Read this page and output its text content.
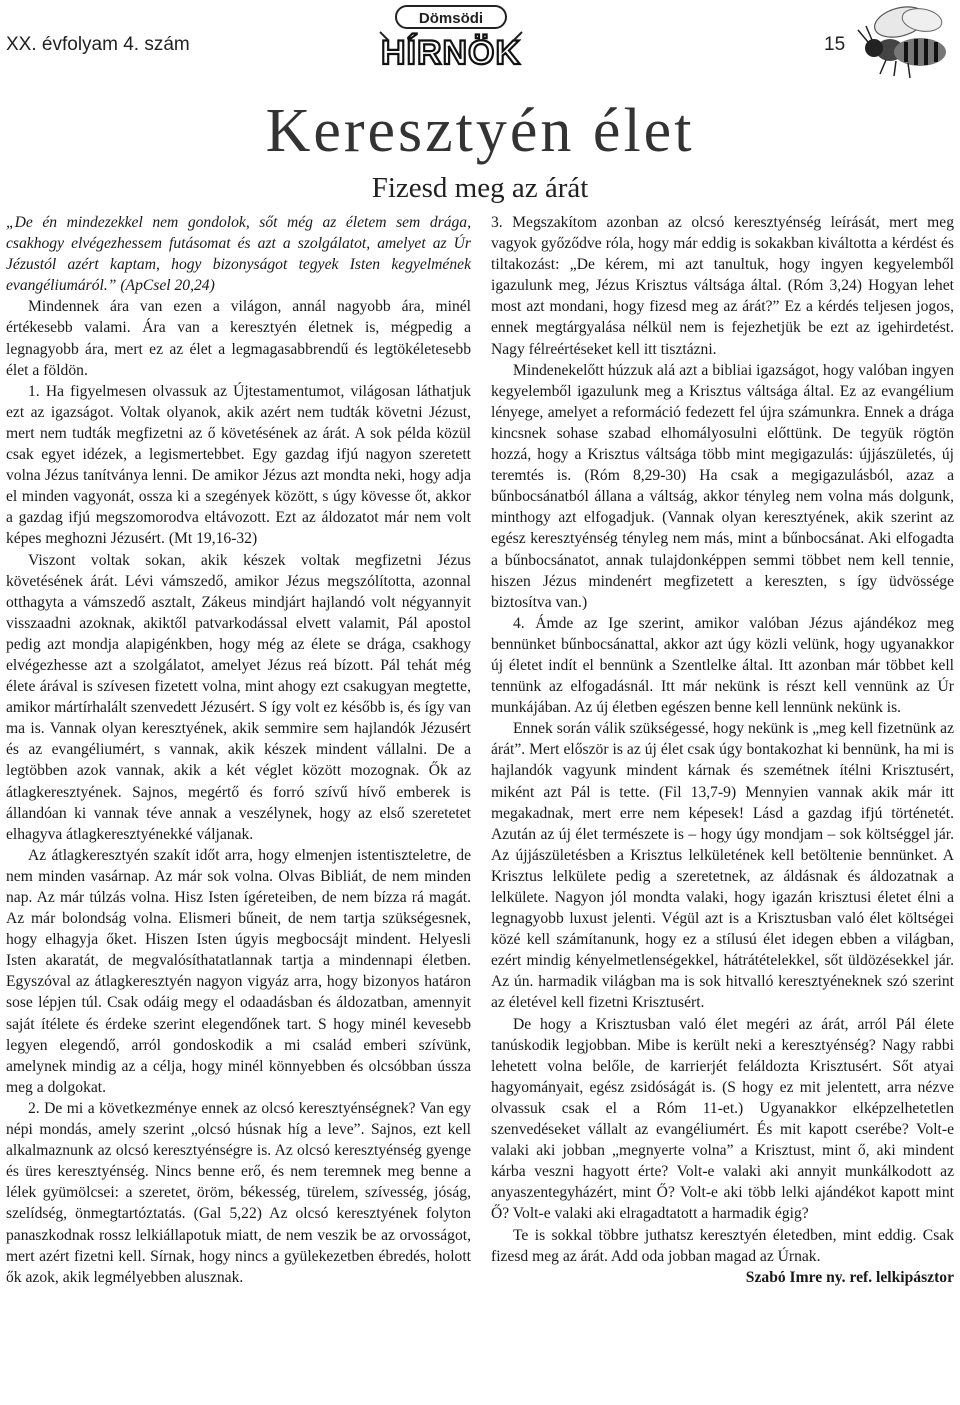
XX. évfolyam 4. szám
Dömsödi
HÍRNÖK	15
Keresztyén élet
Fizesd meg az árát

„De én mindezekkel nem gondolok, sőt még az életem sem drága, csakhogy elvégezhessem futásomat és azt a szolgálatot, amelyet az Úr Jézustól azért kaptam, hogy bizonyságot tegyek Isten kegyelmének evangéliumáról.” (ApCsel 20,24)

Mindennek ára van ezen a világon, annál nagyobb ára, minél értékesebb valami. Ára van a keresztyén életnek is, mégpedig a legnagyobb ára, mert ez az élet a legmagasabbrendű és legtökéletesebb élet a földön.

1. Ha figyelmesen olvassuk az Újtestamentumot, világosan láthatjuk ezt az igazságot. Voltak olyanok, akik azért nem tudták követni Jézust, mert nem tudták megfizetni az ő követésének az árát. A sok példa közül csak egyet idézek, a legismertebbet. Egy gazdag ifjú nagyon szeretett volna Jézus tanítványa lenni. De amikor Jézus azt mondta neki, hogy adja el minden vagyonát, ossza ki a szegények között, s úgy kövesse őt, akkor a gazdag ifjú megszomorodva eltávozott. Ezt az áldozatot már nem volt képes meghozni Jézusért. (Mt 19,16-32)

Viszont voltak sokan, akik készek voltak megfizetni Jézus követésének árát. Lévi vámszedő, amikor Jézus megszólította, azonnal otthagyta a vámszedő asztalt, Zákeus mindjárt hajlandó volt négyannyit visszaadni azoknak, akiktől patvarkodással elvett valamit, Pál apostol pedig azt mondja alapigénkben, hogy még az élete se drága, csakhogy elvégezhesse azt a szolgálatot, amelyet Jézus reá bízott. Pál tehát még élete árával is szívesen fizetett volna, mint ahogy ezt csakugyan megtette, amikor mártírhalált szenvedett Jézusért. S így volt ez később is, és így van ma is. Vannak olyan keresztyének, akik semmire sem hajlandók Jézusért és az evangéliumért, s vannak, akik készek mindent vállalni. De a legtöbben azok vannak, akik a két véglet között mozognak. Ők az átlagkeresztyének. Sajnos, megértő és forró szívű hívő emberek is állandóan ki vannak téve annak a veszélynek, hogy az első szeretetet elhagyva átlagkeresztyénekké váljanak.

Az átlagkeresztyén szakít időt arra, hogy elmenjen istentiszteletre, de nem minden vasárnap. Az már sok volna. Olvas Bibliát, de nem minden nap. Az már túlzás volna. Hisz Isten ígéreteiben, de nem bízza rá magát. Az már bolondság volna. Elismeri bűneit, de nem tartja szükségesnek, hogy elhagyja őket. Hiszen Isten úgyis megbocsájt mindent. Helyesli Isten akaratát, de megvalósíthatatlannak tartja a mindennapi életben. Egyszóval az átlagkeresztyén nagyon vigyáz arra, hogy bizonyos határon sose lépjen túl. Csak odáig megy el odaadásban és áldozatban, amennyit saját ítélete és érdeke szerint elegendőnek tart. S hogy minél kevesebb legyen elegendő, arról gondoskodik a mi család emberi szívünk, amelynek mindig az a célja, hogy minél könnyebben és olcsóbban ússza meg a dolgokat.

2. De mi a következménye ennek az olcsó keresztyénségnek? Van egy népi mondás, amely szerint „olcsó húsnak híg a leve”. Sajnos, ezt kell alkalmaznunk az olcsó keresztyénségre is. Az olcsó keresztyénség gyenge és üres keresztyénség. Nincs benne erő, és nem teremnek meg benne a lélek gyümölcsei: a szeretet, öröm, békesség, türelem, szívesség, jóság, szelídség, önmegtartóztatás. (Gal 5,22) Az olcsó keresztyének folyton panaszkodnak rossz lelkiállapotuk miatt, de nem veszik be az orvosságot, mert azért fizetni kell. Sírnak, hogy nincs a gyülekezetben ébredés, holott ők azok, akik legmélyebben alusznak.

3. Megszakítom azonban az olcsó keresztyénség leírását, mert meg vagyok győződve róla, hogy már eddig is sokakban kiváltotta a kérdést és tiltakozást: „De kérem, mi azt tanultuk, hogy ingyen kegyelemből igazulunk meg, Jézus Krisztus váltsága által. (Róm 3,24) Hogyan lehet most azt mondani, hogy fizesd meg az árát?” Ez a kérdés teljesen jogos, ennek megtárgyalása nélkül nem is fejezhetjük be ezt az igehirdetést. Nagy félreértéseket kell itt tisztázni.

Mindenekelőtt húzzuk alá azt a bibliai igazságot, hogy valóban ingyen kegyelemből igazulunk meg a Krisztus váltsága által. Ez az evangélium lényege, amelyet a reformáció fedezett fel újra számunkra. Ennek a drága kincsnek sohase szabad elhomályosulni előttünk. De tegyük rögtön hozzá, hogy a Krisztus váltsága több mint megigazulás: újjászületés, új teremtés is. (Róm 8,29-30) Ha csak a megigazulásból, azaz a bűnbocsánatból állana a váltság, akkor tényleg nem volna más dolgunk, minthogy azt elfogadjuk. (Vannak olyan keresztyének, akik szerint az egész keresztyénség tényleg nem más, mint a bűnbocsánat. Aki elfogadta a bűnbocsánatot, annak tulajdonképpen semmi többet nem kell tennie, hiszen Jézus mindenért megfizetett a kereszten, s így üdvössége biztosítva van.)

4. Ámde az Ige szerint, amikor valóban Jézus ajándékoz meg bennünket bűnbocsánattal, akkor azt úgy közli velünk, hogy ugyanakkor új életet indít el bennünk a Szentlelke által. Itt azonban már többet kell tennünk az elfogadásnál. Itt már nekünk is részt kell vennünk az Úr munkájában. Az új életben egészen bennе kell lennünk nekünk is.

Ennek során válik szükségessé, hogy nekünk is „meg kell fizetnünk az árát”. Mert először is az új élet csak úgy bontakozhat ki bennünk, ha mi is hajlandók vagyunk mindent kárnak és szemétnek ítélni Krisztusért, miként azt Pál is tette. (Fil 13,7-9) Mennyien vannak akik már itt megakadnak, mert erre nem képesek! Lásd a gazdag ifjú történetét. Azután az új élet természete is – hogy úgy mondjam – sok költséggel jár. Az újjászületésben a Krisztus lelkületének kell betöltenie bennünket. A Krisztus lelkülete pedig a szeretetnek, az áldásnak és áldozatnak a lelkülete. Nagyon jól mondta valaki, hogy igazán krisztusi életet élni a legnagyobb luxust jelenti. Végül azt is a Krisztusban való élet költségei közé kell számítanunk, hogy ez a stílusú élet idegen ebben a világban, ezért mindig kényelmetlenségekkel, hátrátételekkel, sőt üldözésekkel jár. Az ún. harmadik világban ma is sok hitvalló keresztyéneknek szó szerint az életével kell fizetni Krisztusért.

De hogy a Krisztusban való élet megéri az árát, arról Pál élete tanúskodik legjobban. Mibe is került neki a keresztyénség? Nagy rabbi lehetett volna belőle, de karrierjét feláldozta Krisztusért. Sőt atyai hagyományait, egész zsidóságát is. (S hogy ez mit jelentett, arra nézve olvassuk csak el a Róm 11-et.) Ugyanakkor elképzelhetetlen szenvedéseket vállalt az evangéliumért. És mit kapott cserébe? Volt-e valaki aki jobban „megnyerte volna” a Krisztust, mint ő, aki mindent kárba veszni hagyott érte? Volt-e valaki aki annyit munkálkodott az anyaszentegyházért, mint Ő? Volt-e aki több lelki ajándékot kapott mint Ő? Volt-e valaki aki elragadtatott a harmadik égig?

Te is sokkal többre juthatsz keresztyén életedben, mint eddig. Csak fizesd meg az árát. Add oda jobban magad az Úrnak.

Szabó Imre ny. ref. lelkipásztor
